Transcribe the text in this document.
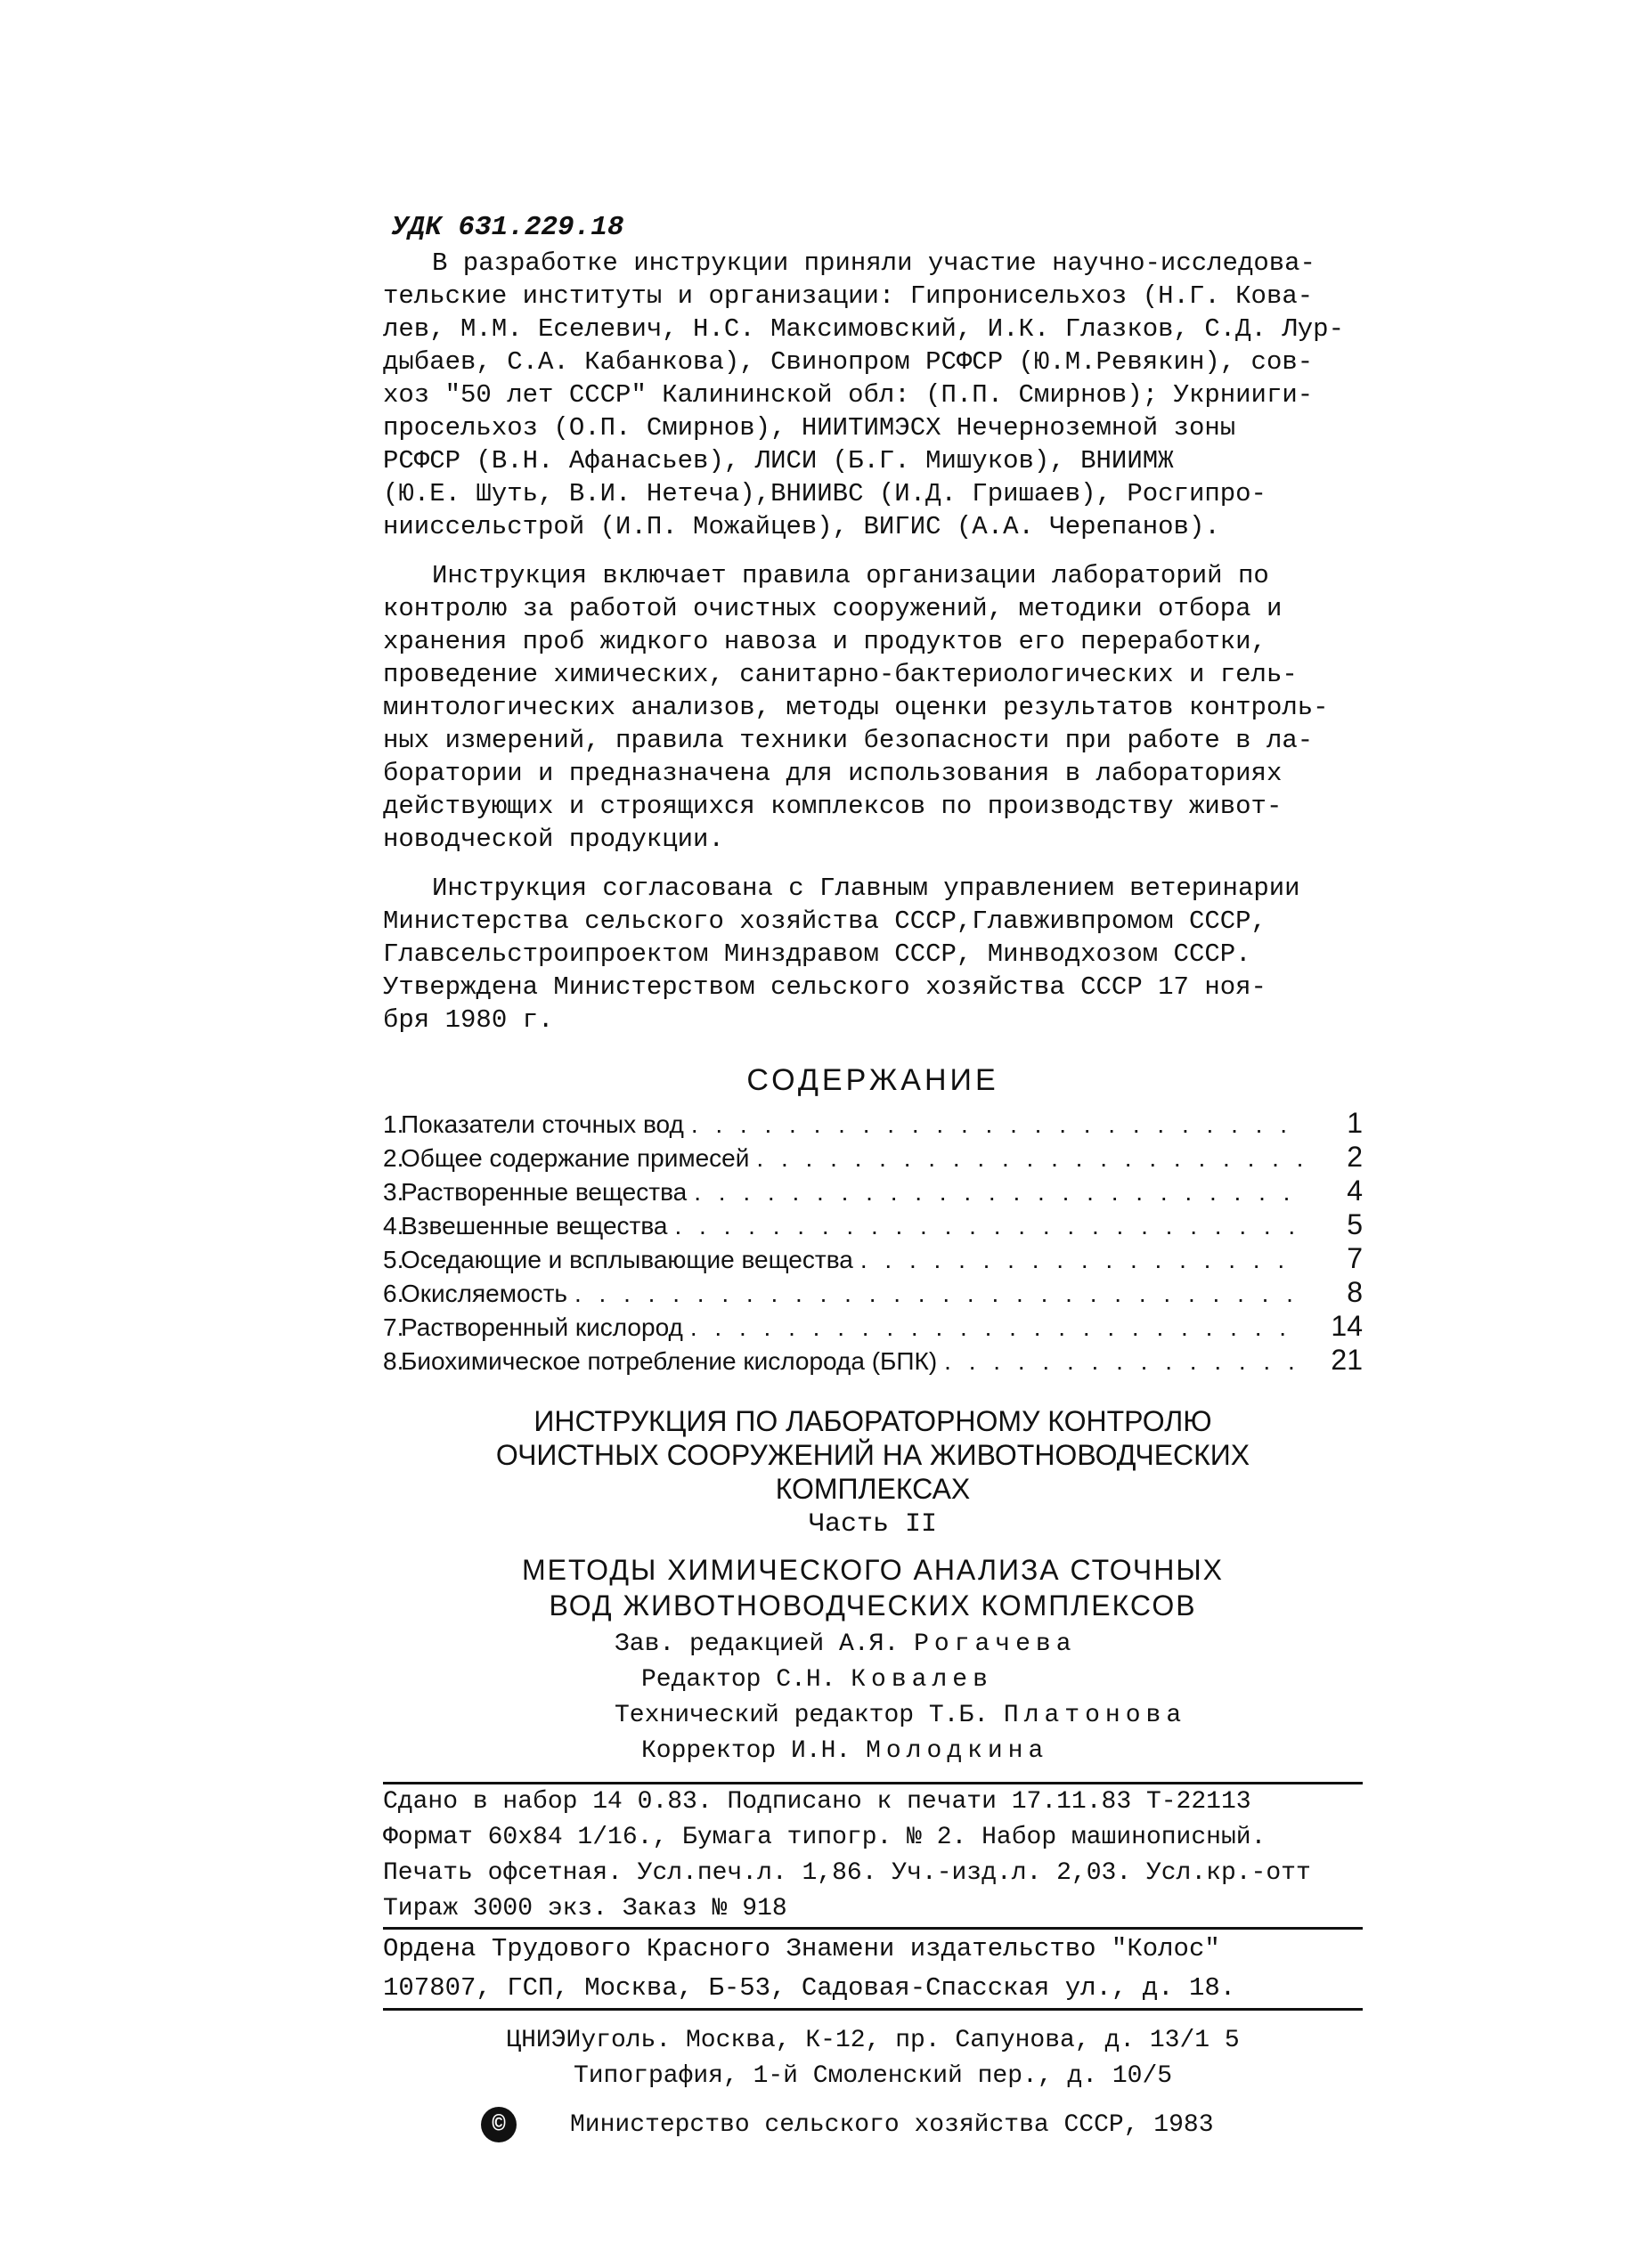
УДК 631.229.18

В разработке инструкции приняли участие научно-исследова-

тельские институты и организации: Гипронисельхоз (Н.Г. Кова-

лев, М.М. Еселевич, Н.С. Максимовский, И.К. Глазков, С.Д. Лур-

дыбаев, С.А. Кабанкова), Свинопром РСФСР (Ю.М.Ревякин), сов-

хоз "50 лет СССР" Калининской обл: (П.П. Смирнов); Укрнииги-

просельхоз (О.П. Смирнов), НИИТИМЭСХ Нечерноземной зоны

РСФСР (В.Н. Афанасьев), ЛИСИ (Б.Г. Мишуков), ВНИИМЖ

(Ю.Е. Шуть, В.И. Нетеча),ВНИИВС (И.Д. Гришаев), Росгипро-

нииссельстрой (И.П. Можайцев), ВИГИС (А.А. Черепанов).

Инструкция включает правила организации лабораторий по

контролю за работой очистных сооружений, методики отбора и

хранения проб жидкого навоза и продуктов его переработки,

проведение химических, санитарно-бактериологических и гель-

минтологических анализов, методы оценки результатов контроль-

ных измерений, правила техники безопасности при работе в ла-

боратории и предназначена для использования в лабораториях

действующих и строящихся комплексов по производству живот-

новодческой продукции.

Инструкция согласована с Главным управлением ветеринарии

Министерства сельского хозяйства СССР,Главживпромом СССР,

Главсельстроипроектом Минздравом СССР, Минводхозом СССР.

Утверждена Министерством сельского хозяйства СССР 17 ноя-

бря 1980 г.

СОДЕРЖАНИЕ
1.
Показатели сточных вод . . .	1
2.
Общее содержание примесей . . .	2
3.
Растворенные вещества . . .	4
4.
Взвешенные вещества . . .	5
5.
Оседающие и всплывающие вещества . . .	7
6.
Окисляемость . . .	8
7.
Растворенный кислород . . .	14
8.
Биохимическое потребление кислорода (БПК) . . .	21

ИНСТРУКЦИЯ ПО ЛАБОРАТОРНОМУ КОНТРОЛЮ

ОЧИСТНЫХ СООРУЖЕНИЙ НА ЖИВОТНОВОДЧЕСКИХ

КОМПЛЕКСАХ

Часть II

МЕТОДЫ ХИМИЧЕСКОГО АНАЛИЗА СТОЧНЫХ

ВОД ЖИВОТНОВОДЧЕСКИХ КОМПЛЕКСОВ

Зав. редакцией А.Я. Рогачева
Редактор С.Н. Ковалев
Технический редактор Т.Б. Платонова
Корректор И.Н. Молодкина

Сдано в набор 14 0.83. Подписано к печати 17.11.83 Т-22113

Формат 60х84 1/16., Бумага типогр. № 2. Набор машинописный.

Печать офсетная. Усл.печ.л. 1,86. Уч.-изд.л. 2,03. Усл.кр.-отт

Тираж 3000 экз. Заказ № 918

Ордена Трудового Красного Знамени издательство "Колос"

107807, ГСП, Москва, Б-53, Садовая-Спасская ул., д. 18.

ЦНИЭИуголь. Москва, К-12, пр. Сапунова, д. 13/1 5

Типография, 1-й Смоленский пер., д. 10/5

©	Министерство сельского хозяйства СССР, 1983
